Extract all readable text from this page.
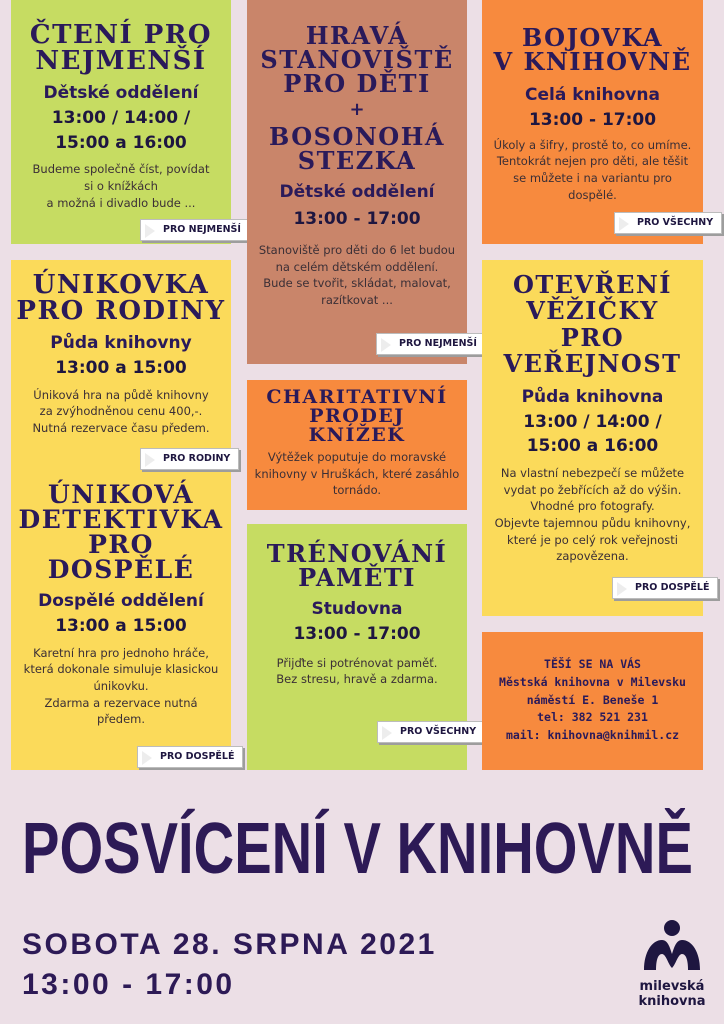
ČTENÍ PRO
NEJMENŠÍ
Dětské oddělení
13:00 / 14:00 /
15:00 a 16:00
Budeme společně číst, povídat
si o knížkách
a možná i divadlo bude ...
PRO NEJMENŠÍ
HRAVÁ
STANOVIŠTĚ
PRO DĚTI
+
BOSONOHÁ
STEZKA
Dětské oddělení
13:00 - 17:00
Stanoviště pro děti do 6 let budou
na celém dětském oddělení.
Bude se tvořit, skládat, malovat,
razítkovat ...
PRO NEJMENŠÍ
BOJOVKA
V KNIHOVNĚ
Celá knihovna
13:00 - 17:00
Úkoly a šifry, prostě to, co umíme.
Tentokrát nejen pro děti, ale těšit
se můžete i na variantu pro
dospělé.
PRO VŠECHNY
ÚNIKOVKA
PRO RODINY
Půda knihovny
13:00 a 15:00
Úniková hra na půdě knihovny
za zvýhodněnou cenu 400,-.
Nutná rezervace času předem.
PRO RODINY
ÚNIKOVÁ
DETEKTIVKA
PRO
DOSPĚLÉ
Dospělé oddělení
13:00 a 15:00
Karetní hra pro jednoho hráče,
která dokonale simuluje klasickou
únikovku.
Zdarma a rezervace nutná
předem.
PRO DOSPĚLÉ
CHARITATIVNÍ
PRODEJ
KNÍŽEK
Výtěžek poputuje do moravské
knihovny v Hruškách, které zasáhlo
tornádo.
TRÉNOVÁNÍ
PAMĚTI
Studovna
13:00 - 17:00
Přijďte si potrénovat paměť.
Bez stresu, hravě a zdarma.
PRO VŠECHNY
OTEVŘENÍ
VĚŽIČKY
PRO
VEŘEJNOST
Půda knihovna
13:00 / 14:00 /
15:00 a 16:00
Na vlastní nebezpečí se můžete
vydat po žebřících až do výšin.
Vhodné pro fotografy.
Objevte tajemnou půdu knihovny,
které je po celý rok veřejnosti
zapovězena.
PRO DOSPĚLÉ
TĚŠÍ SE NA VÁS
Městská knihovna v Milevsku
náměstí E. Beneše 1
tel: 382 521 231
mail: knihovna@knihmil.cz
POSVÍCENÍ V KNIHOVNĚ
SOBOTA 28. SRPNA 2021
13:00 - 17:00	milevská
knihovna
